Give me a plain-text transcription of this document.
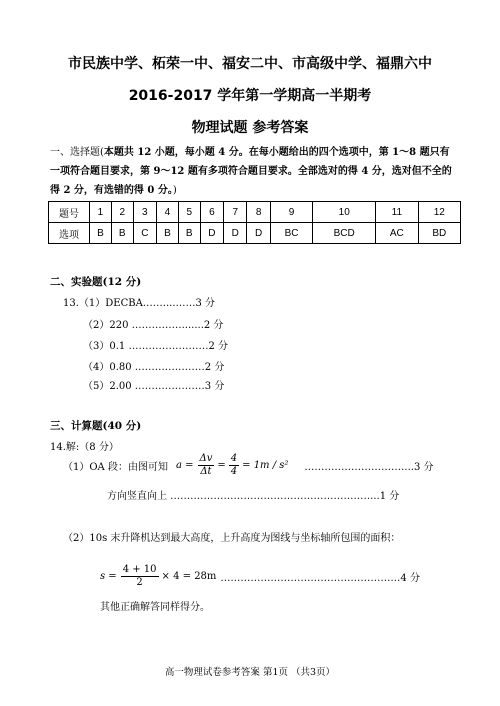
市民族中学、柘荣一中、福安二中、市高级中学、福鼎六中
2016-2017 学年第一学期高一半期考
物理试题 参考答案
一、选择题(本题共 12 小题，每小题 4 分。在每小题给出的四个选项中，第 1～8 题只有一项符合题目要求，第 9～12 题有多项符合题目要求。全部选对的得 4 分，选对但不全的得 2 分，有选错的得 0 分。)
题号	1	2	3	4	5	6	7	8	9	10	11	12
选项	B	B	C	B	B	D	D	D	BC	BCD	AC	BD
二、实验题(12 分)
13.（1）DECBA……....……3 分
（2）220 …………….......2 分
（3）0.1 ……………………2 分
（4）0.80 …………………2 分
（5）2.00 …………………3 分
三、计算题(40 分)
14.解:（8 分）
（1）OA 段：由图可知 $a = \frac{\Delta v}{\Delta t} = \frac{4}{4} = 1m / s^2$ …………………………...3 分
方向竖直向上 ……………………………………………………...1 分
（2）10s 末升降机达到最大高度，上升高度为图线与坐标轴所包围的面积：
$s = \frac{4 + 10}{2} \times 4 = 28m$ ………………………………………………4 分
其他正确解答同样得分。
高一物理试卷参考答案 第1页 （共3页）
